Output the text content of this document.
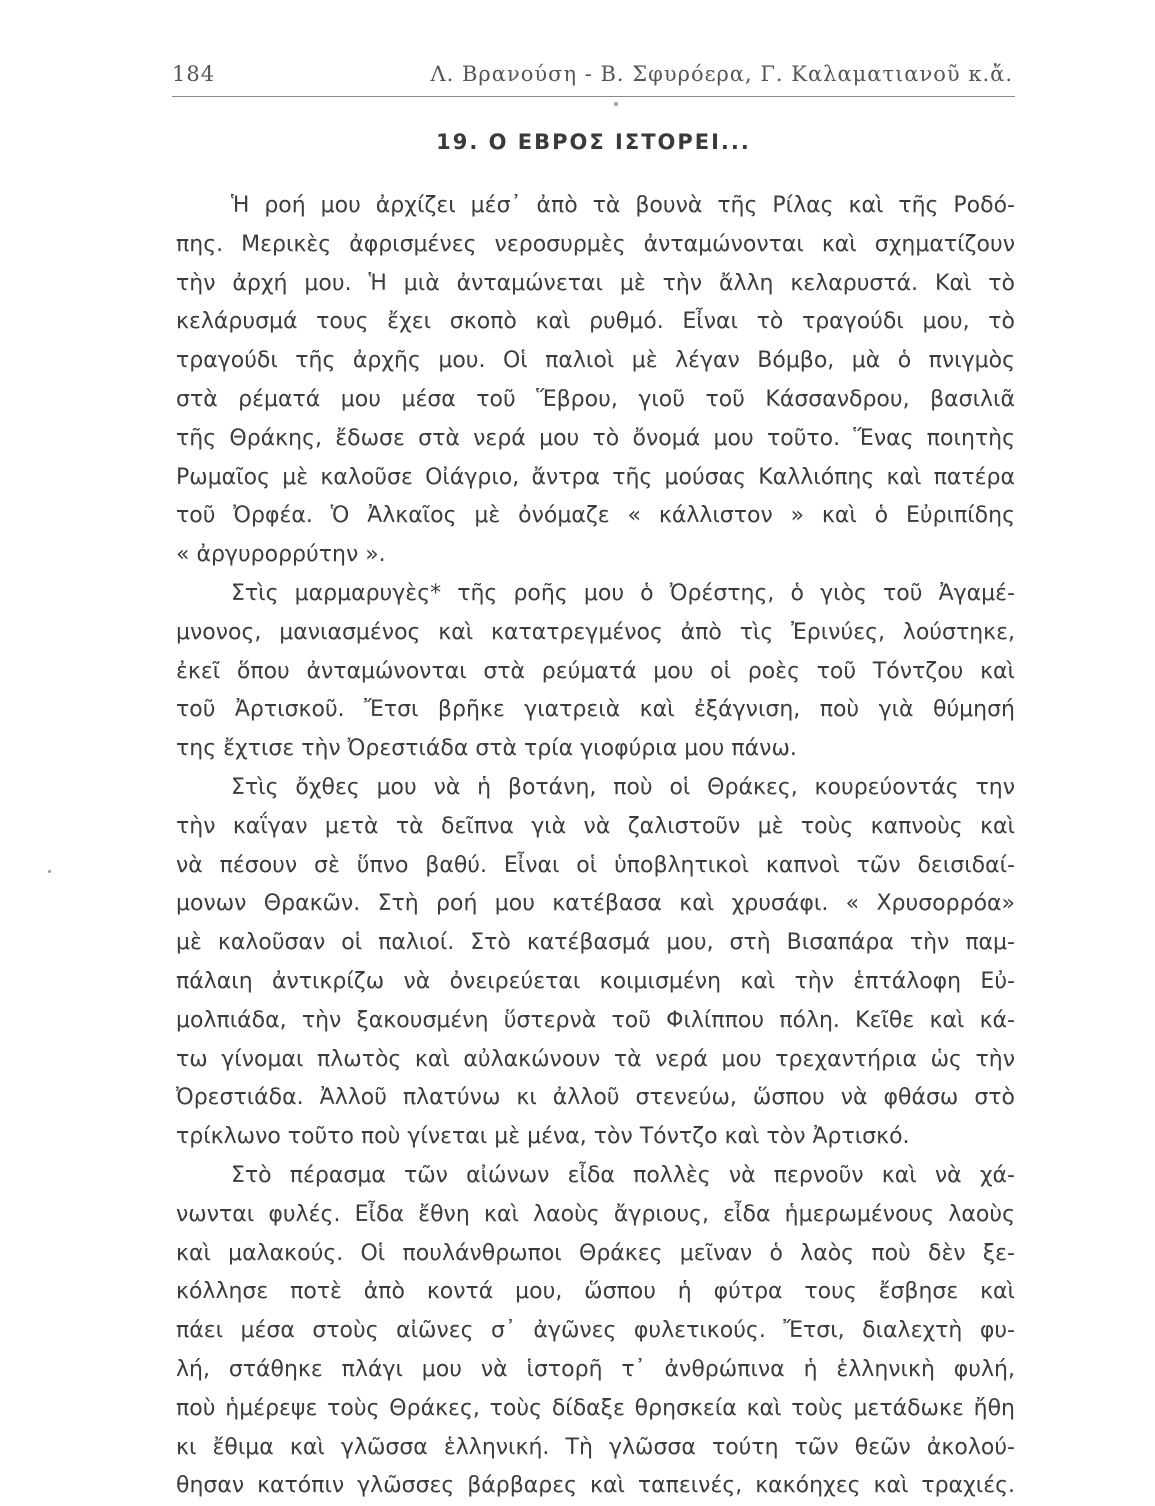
184	Λ. Βρανούση - Β. Σφυρόερα, Γ. Καλαματιανοῦ κ.ἄ.
19. Ο ΕΒΡΟΣ ΙΣΤΟΡΕΙ...
Ἡ ροή μου ἀρχίζει μέσ᾿ ἀπὸ τὰ βουνὰ τῆς Ρίλας καὶ τῆς Ροδό-
πης. Μερικὲς ἀφρισμένες νεροσυρμὲς ἀνταμώνονται καὶ σχηματίζουν
τὴν ἀρχή μου. Ἡ μιὰ ἀνταμώνεται μὲ τὴν ἄλλη κελαρυστά. Καὶ τὸ
κελάρυσμά τους ἔχει σκοπὸ καὶ ρυθμό. Εἶναι τὸ τραγούδι μου, τὸ
τραγούδι τῆς ἀρχῆς μου. Οἱ παλιοὶ μὲ λέγαν Βόμβο, μὰ ὁ πνιγμὸς
στὰ ρέματά μου μέσα τοῦ Ἕβρου, γιοῦ τοῦ Κάσσανδρου, βασιλιᾶ
τῆς Θράκης, ἔδωσε στὰ νερά μου τὸ ὄνομά μου τοῦτο. Ἕνας ποιητὴς
Ρωμαῖος μὲ καλοῦσε Οἰάγριο, ἄντρα τῆς μούσας Καλλιόπης καὶ πατέρα
τοῦ Ὀρφέα. Ὁ Ἀλκαῖος μὲ ὀνόμαζε « κάλλιστον » καὶ ὁ Εὐριπίδης
« ἀργυρορρύτην ».
Στὶς μαρμαρυγὲς* τῆς ροῆς μου ὁ Ὀρέστης, ὁ γιὸς τοῦ Ἀγαμέ-
μνονος, μανιασμένος καὶ κατατρεγμένος ἀπὸ τὶς Ἐρινύες, λούστηκε,
ἐκεῖ ὅπου ἀνταμώνονται στὰ ρεύματά μου οἱ ροὲς τοῦ Τόντζου καὶ
τοῦ Ἀρτισκοῦ. Ἔτσι βρῆκε γιατρειὰ καὶ ἐξάγνιση, ποὺ γιὰ θύμησή
της ἔχτισε τὴν Ὀρεστιάδα στὰ τρία γιοφύρια μου πάνω.
Στὶς ὄχθες μου νὰ ἡ βοτάνη, ποὺ οἱ Θράκες, κουρεύοντάς την
τὴν καΐγαν μετὰ τὰ δεῖπνα γιὰ νὰ ζαλιστοῦν μὲ τοὺς καπνοὺς καὶ
νὰ πέσουν σὲ ὕπνο βαθύ. Εἶναι οἱ ὑποβλητικοὶ καπνοὶ τῶν δεισιδαί-
μονων Θρακῶν. Στὴ ροή μου κατέβασα καὶ χρυσάφι. « Χρυσορρόα»
μὲ καλοῦσαν οἱ παλιοί. Στὸ κατέβασμά μου, στὴ Βισαπάρα τὴν παμ-
πάλαιη ἀντικρίζω νὰ ὀνειρεύεται κοιμισμένη καὶ τὴν ἑπτάλοφη Εὐ-
μολπιάδα, τὴν ξακουσμένη ὕστερνὰ τοῦ Φιλίππου πόλη. Κεῖθε καὶ κά-
τω γίνομαι πλωτὸς καὶ αὐλακώνουν τὰ νερά μου τρεχαντήρια ὡς τὴν
Ὀρεστιάδα. Ἀλλοῦ πλατύνω κι ἀλλοῦ στενεύω, ὥσπου νὰ φθάσω στὸ
τρίκλωνο τοῦτο ποὺ γίνεται μὲ μένα, τὸν Τόντζο καὶ τὸν Ἀρτισκό.
Στὸ πέρασμα τῶν αἰώνων εἶδα πολλὲς νὰ περνοῦν καὶ νὰ χά-
νωνται φυλές. Εἶδα ἔθνη καὶ λαοὺς ἄγριους, εἶδα ἡμερωμένους λαοὺς
καὶ μαλακούς. Οἱ πουλάνθρωποι Θράκες μεῖναν ὁ λαὸς ποὺ δὲν ξε-
κόλλησε ποτὲ ἀπὸ κοντά μου, ὥσπου ἡ φύτρα τους ἔσβησε καὶ
πάει μέσα στοὺς αἰῶνες σ᾿ ἀγῶνες φυλετικούς. Ἔτσι, διαλεχτὴ φυ-
λή, στάθηκε πλάγι μου νὰ ἱστορῆ τ᾿ ἀνθρώπινα ἡ ἑλληνικὴ φυλή,
ποὺ ἡμέρεψε τοὺς Θράκες, τοὺς δίδαξε θρησκεία καὶ τοὺς μετάδωκε ἤθη
κι ἔθιμα καὶ γλῶσσα ἑλληνική. Τὴ γλῶσσα τούτη τῶν θεῶν ἀκολού-
θησαν κατόπιν γλῶσσες βάρβαρες καὶ ταπεινές, κακόηχες καὶ τραχιές.
